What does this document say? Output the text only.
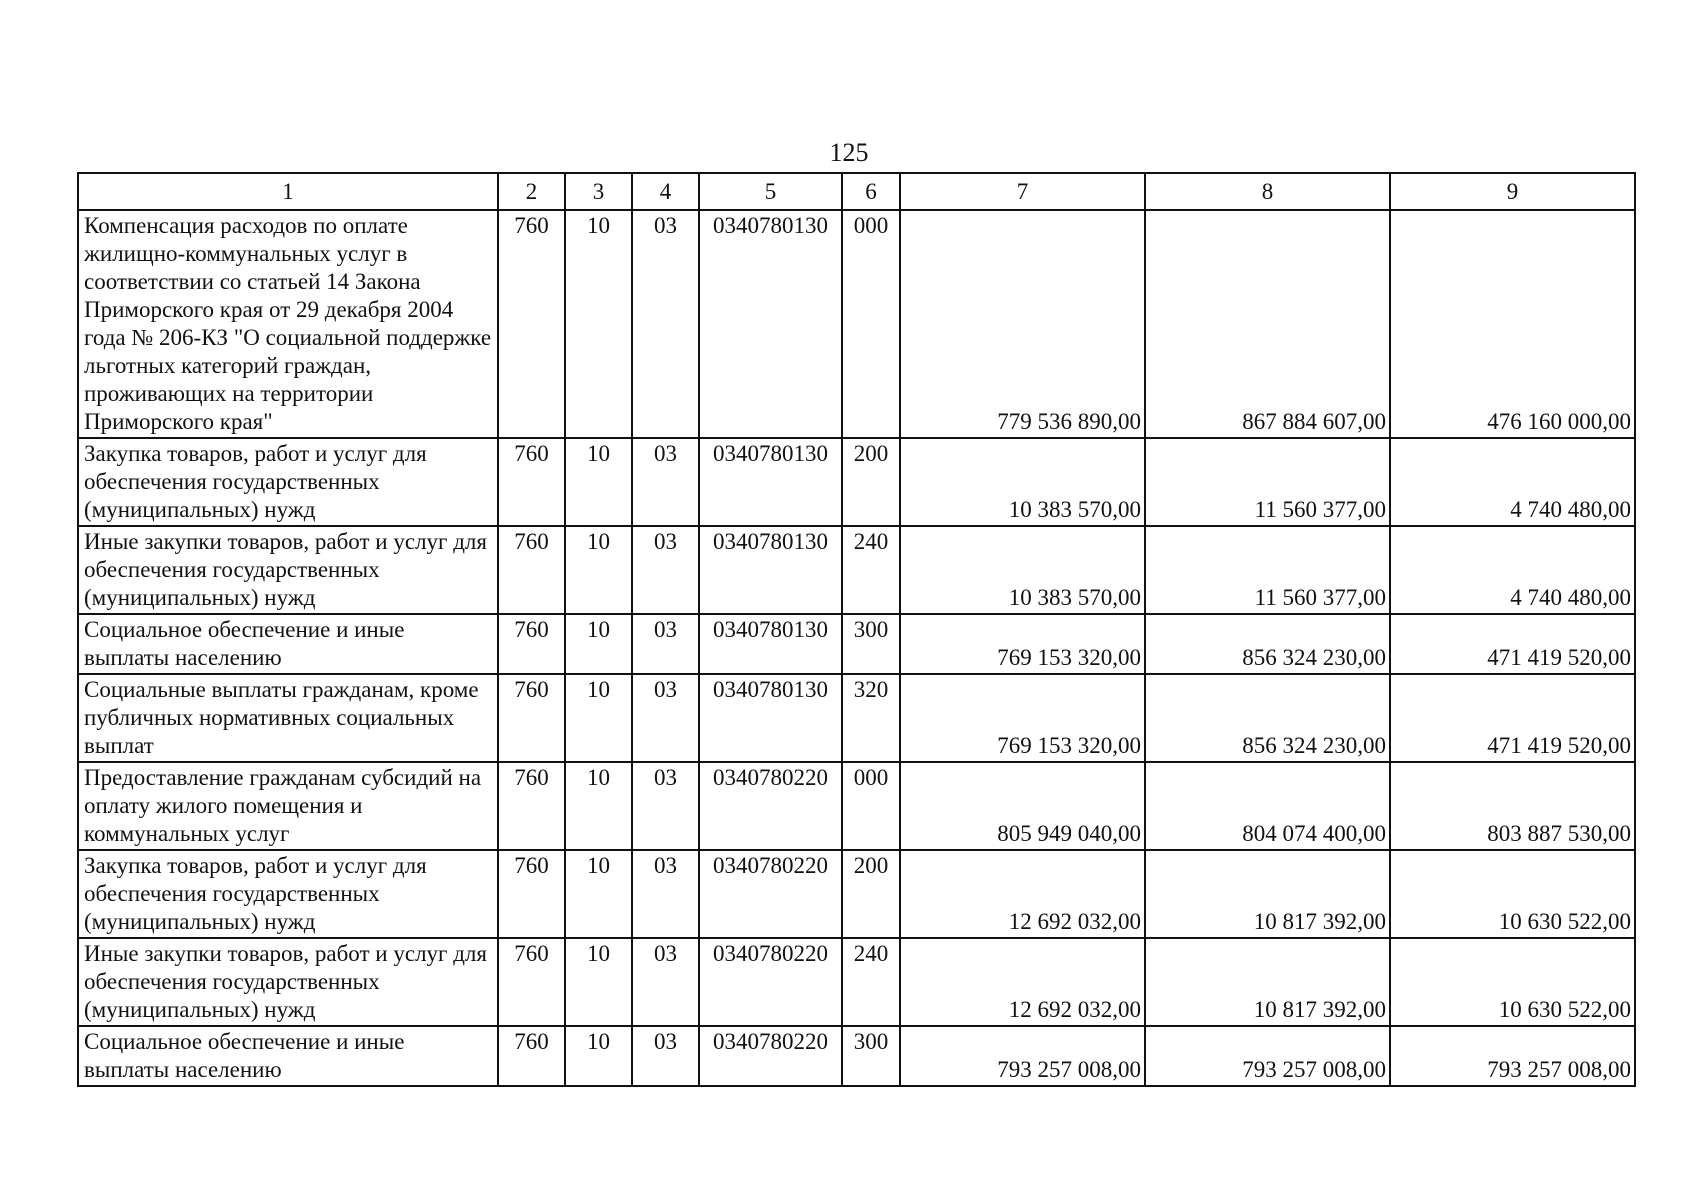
125
1	2	3	4	5	6	7	8	9
Компенсация расходов по оплате жилищно-коммунальных услуг в соответствии со статьей 14 Закона Приморского края от 29 декабря 2004 года № 206-КЗ "О социальной поддержке льготных категорий граждан, проживающих на территории Приморского края"	760	10	03	0340780130	000	779 536 890,00	867 884 607,00	476 160 000,00
Закупка товаров, работ и услуг для обеспечения государственных (муниципальных) нужд	760	10	03	0340780130	200	10 383 570,00	11 560 377,00	4 740 480,00
Иные закупки товаров, работ и услуг для обеспечения государственных (муниципальных) нужд	760	10	03	0340780130	240	10 383 570,00	11 560 377,00	4 740 480,00
Социальное обеспечение и иные выплаты населению	760	10	03	0340780130	300	769 153 320,00	856 324 230,00	471 419 520,00
Социальные выплаты гражданам, кроме публичных нормативных социальных выплат	760	10	03	0340780130	320	769 153 320,00	856 324 230,00	471 419 520,00
Предоставление гражданам субсидий на оплату жилого помещения и коммунальных услуг	760	10	03	0340780220	000	805 949 040,00	804 074 400,00	803 887 530,00
Закупка товаров, работ и услуг для обеспечения государственных (муниципальных) нужд	760	10	03	0340780220	200	12 692 032,00	10 817 392,00	10 630 522,00
Иные закупки товаров, работ и услуг для обеспечения государственных (муниципальных) нужд	760	10	03	0340780220	240	12 692 032,00	10 817 392,00	10 630 522,00
Социальное обеспечение и иные выплаты населению	760	10	03	0340780220	300	793 257 008,00	793 257 008,00	793 257 008,00
